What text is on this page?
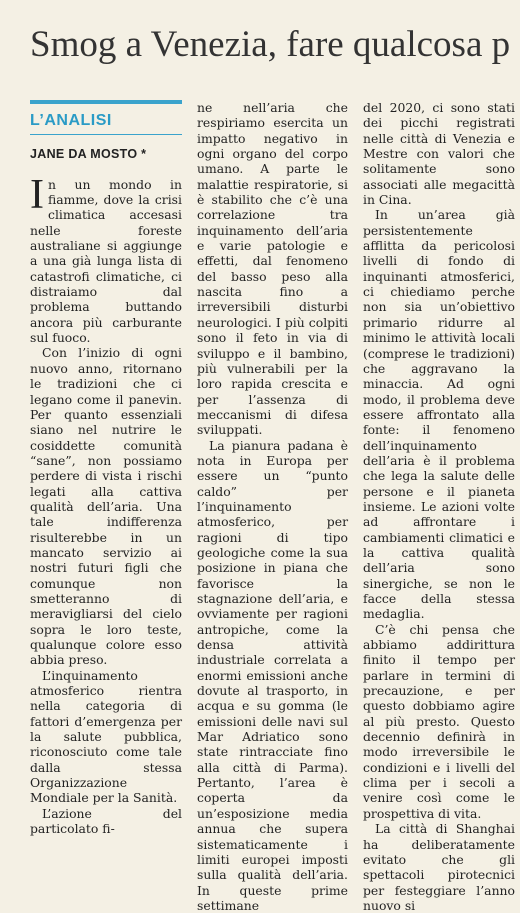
Smog a Venezia, fare qualcosa p
L’ANALISI
JANE DA MOSTO *

In un mondo in fiamme, dove la crisi climatica accesasi nelle foreste australiane si aggiunge a una già lunga lista di catastrofi climatiche, ci distraiamo dal problema buttando ancora più carburante sul fuoco.

Con l’inizio di ogni nuovo anno, ritornano le tradizioni che ci legano come il panevin. Per quanto essenziali siano nel nutrire le cosiddette comunità “sane”, non possiamo perdere di vista i rischi legati alla cattiva qualità dell’aria. Una tale indifferenza risulterebbe in un mancato servizio ai nostri futuri figli che comunque non smetteranno di meravigliarsi del cielo sopra le loro teste, qualunque colore esso abbia preso.

L’inquinamento atmosferico rientra nella categoria di fattori d’emergenza per la salute pubblica, riconosciuto come tale dalla stessa Organizzazione Mondiale per la Sanità.

L’azione del particolato fi-

ne nell’aria che respiriamo esercita un impatto negativo in ogni organo del corpo umano. A parte le malattie respiratorie, si è stabilito che c’è una correlazione tra inquinamento dell’aria e varie patologie e effetti, dal fenomeno del basso peso alla nascita fino a irreversibili disturbi neurologici. I più colpiti sono il feto in via di sviluppo e il bambino, più vulnerabili per la loro rapida crescita e per l’assenza di meccanismi di difesa sviluppati.

La pianura padana è nota in Europa per essere un “punto caldo” per l’inquinamento atmosferico, per ragioni di tipo geologiche come la sua posizione in piana che favorisce la stagnazione dell’aria, e ovviamente per ragioni antropiche, come la densa attività industriale correlata a enormi emissioni anche dovute al trasporto, in acqua e su gomma (le emissioni delle navi sul Mar Adriatico sono state rintracciate fino alla città di Parma). Pertanto, l’area è coperta da un’esposizione media annua che supera sistematicamente i limiti europei imposti sulla qualità dell’aria. In queste prime settimane

del 2020, ci sono stati dei picchi registrati nelle città di Venezia e Mestre con valori che solitamente sono associati alle megacittà in Cina.

In un’area già persistentemente afflitta da pericolosi livelli di fondo di inquinanti atmosferici, ci chiediamo perche non sia un’obiettivo primario ridurre al minimo le attività locali (comprese le tradizioni) che aggravano la minaccia. Ad ogni modo, il problema deve essere affrontato alla fonte: il fenomeno dell’inquinamento dell’aria è il problema che lega la salute delle persone e il pianeta insieme. Le azioni volte ad affrontare i cambiamenti climatici e la cattiva qualità dell’aria sono sinergiche, se non le facce della stessa medaglia.

C’è chi pensa che abbiamo addirittura finito il tempo per parlare in termini di precauzione, e per questo dobbiamo agire al più presto. Questo decennio definirà in modo irreversibile le condizioni e i livelli del clima per i secoli a venire così come le prospettiva di vita.

La città di Shanghai ha deliberatamente evitato che gli spettacoli pirotecnici per festeggiare l’anno nuovo si
